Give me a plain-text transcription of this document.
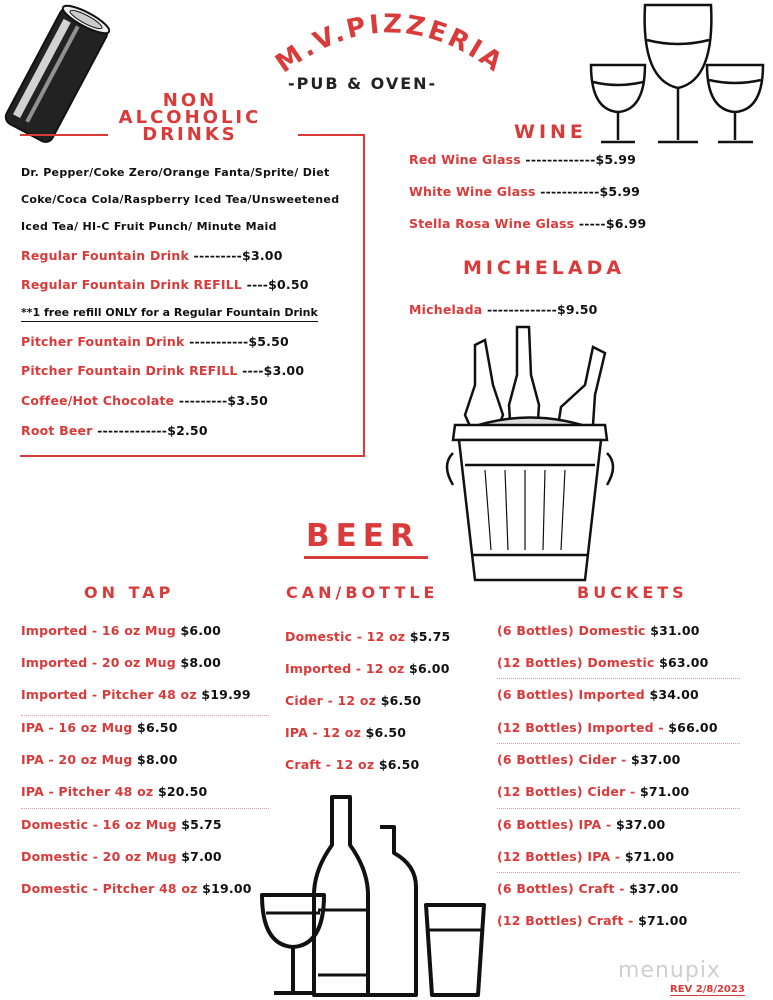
M.V.PIZZERIA
-PUB & OVEN-
NON
ALCOHOLIC
DRINKS
Dr. Pepper/Coke Zero/Orange Fanta/Sprite/ Diet
Coke/Coca Cola/Raspberry Iced Tea/Unsweetened
Iced Tea/ HI-C Fruit Punch/ Minute Maid
Regular Fountain Drink ---------$3.00
Regular Fountain Drink REFILL ----$0.50
**1 free refill ONLY for a Regular Fountain Drink
Pitcher Fountain Drink -----------$5.50
Pitcher Fountain Drink REFILL ----$3.00
Coffee/Hot Chocolate ---------$3.50
Root Beer -------------$2.50
WINE
Red Wine Glass -------------$5.99
White Wine Glass -----------$5.99
Stella Rosa Wine Glass -----$6.99
MICHELADA
Michelada -------------$9.50
BEER
ON TAP	CAN/BOTTLE	BUCKETS
Imported - 16 oz Mug $6.00
Imported - 20 oz Mug $8.00
Imported - Pitcher 48 oz $19.99
IPA - 16 oz Mug $6.50
IPA - 20 oz Mug $8.00
IPA - Pitcher 48 oz $20.50
Domestic - 16 oz Mug $5.75
Domestic - 20 oz Mug $7.00
Domestic - Pitcher 48 oz $19.00
Domestic - 12 oz $5.75
Imported - 12 oz $6.00
Cider - 12 oz $6.50
IPA - 12 oz $6.50
Craft - 12 oz $6.50
(6 Bottles) Domestic $31.00
(12 Bottles) Domestic $63.00
(6 Bottles) Imported $34.00
(12 Bottles) Imported - $66.00
(6 Bottles) Cider - $37.00
(12 Bottles) Cider - $71.00
(6 Bottles) IPA - $37.00
(12 Bottles) IPA - $71.00
(6 Bottles) Craft - $37.00
(12 Bottles) Craft - $71.00
menupix
REV 2/8/2023
